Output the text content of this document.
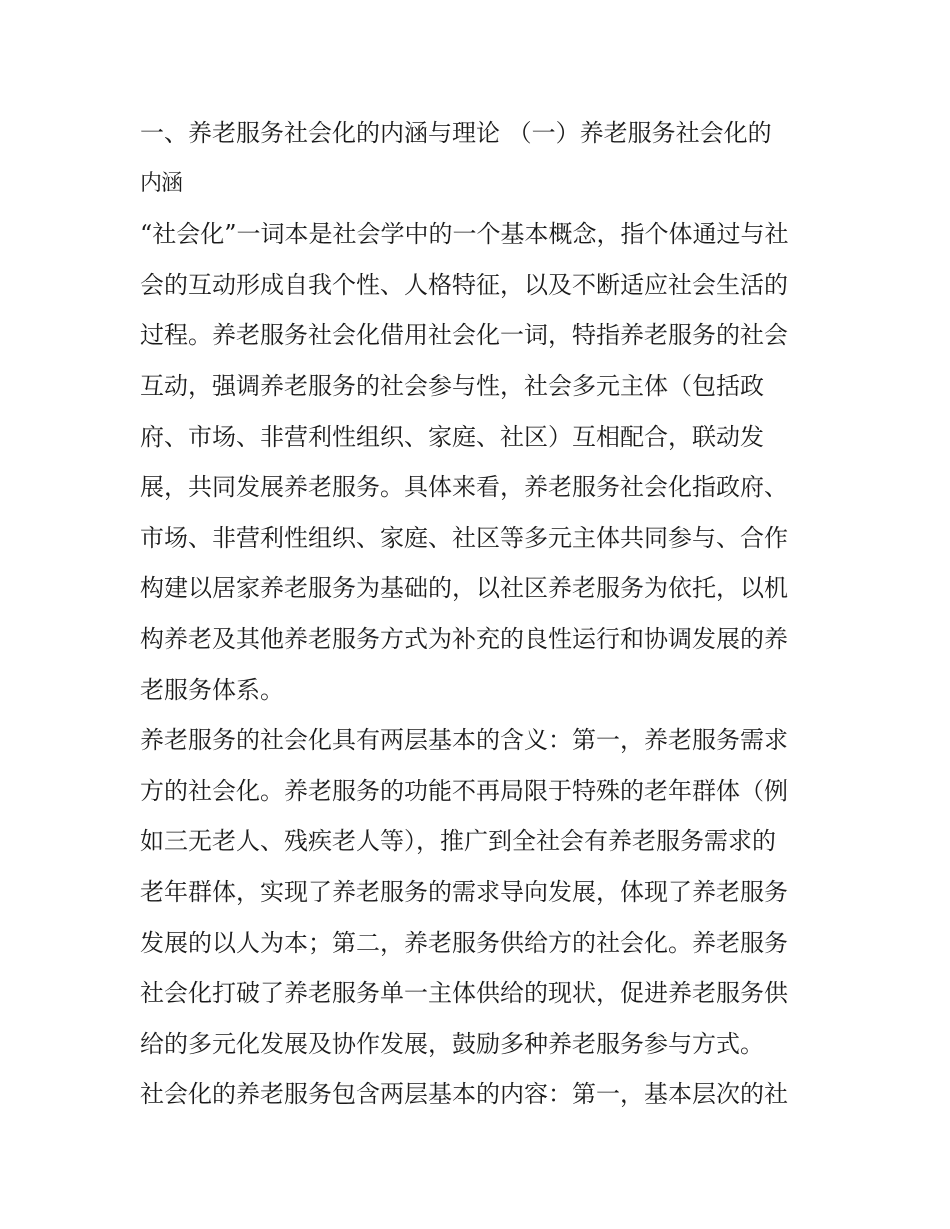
一、养老服务社会化的内涵与理论 （一）养老服务社会化的
内涵
“社会化”一词本是社会学中的一个基本概念，指个体通过与社
会的互动形成自我个性、人格特征，以及不断适应社会生活的
过程。养老服务社会化借用社会化一词，特指养老服务的社会
互动，强调养老服务的社会参与性，社会多元主体（包括政
府、市场、非营利性组织、家庭、社区）互相配合，联动发
展，共同发展养老服务。具体来看，养老服务社会化指政府、
市场、非营利性组织、家庭、社区等多元主体共同参与、合作
构建以居家养老服务为基础的，以社区养老服务为依托，以机
构养老及其他养老服务方式为补充的良性运行和协调发展的养
老服务体系。
养老服务的社会化具有两层基本的含义：第一，养老服务需求
方的社会化。养老服务的功能不再局限于特殊的老年群体（例
如三无老人、残疾老人等），推广到全社会有养老服务需求的
老年群体，实现了养老服务的需求导向发展，体现了养老服务
发展的以人为本；第二，养老服务供给方的社会化。养老服务
社会化打破了养老服务单一主体供给的现状，促进养老服务供
给的多元化发展及协作发展，鼓励多种养老服务参与方式。
社会化的养老服务包含两层基本的内容：第一，基本层次的社
